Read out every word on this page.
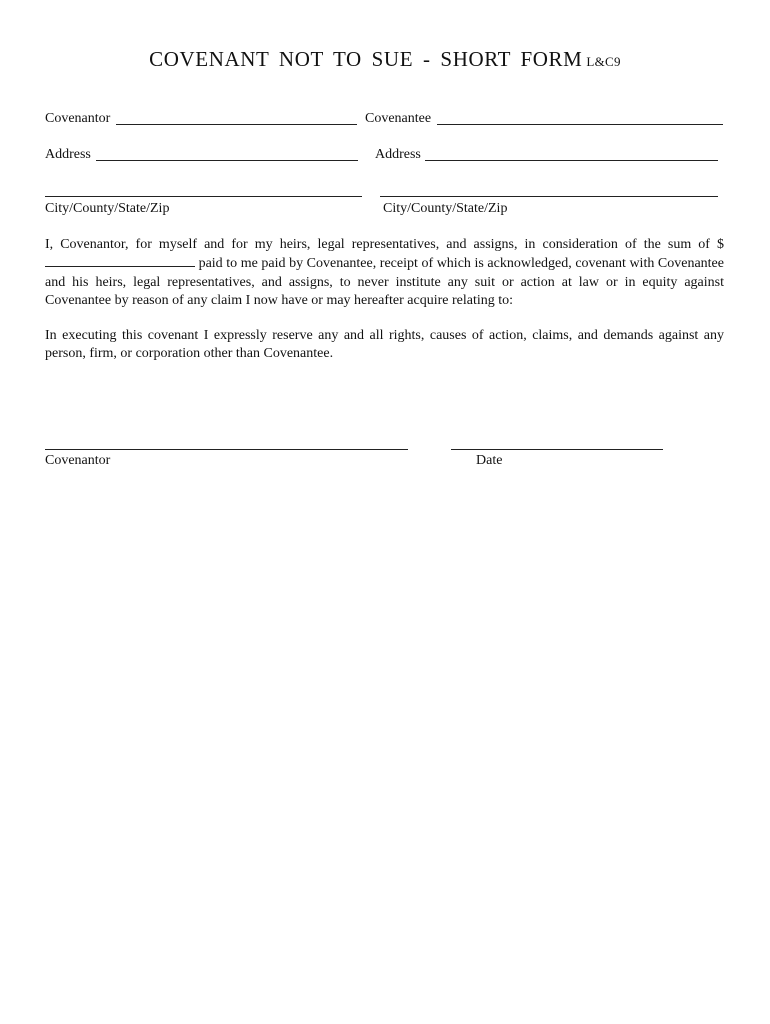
COVENANT NOT TO SUE - SHORT FORM L&C9
Covenantor	Covenantee
Address	Address
City/County/State/Zip	City/County/State/Zip
I, Covenantor, for myself and for my heirs, legal representatives, and assigns, in consideration of the sum of $ paid to me paid by Covenantee, receipt of which is acknowledged, covenant with Covenantee and his heirs, legal representatives, and assigns, to never institute any suit or action at law or in equity against Covenantee by reason of any claim I now have or may hereafter acquire relating to:
In executing this covenant I expressly reserve any and all rights, causes of action, claims, and demands against any person, firm, or corporation other than Covenantee.
Covenantor	Date
